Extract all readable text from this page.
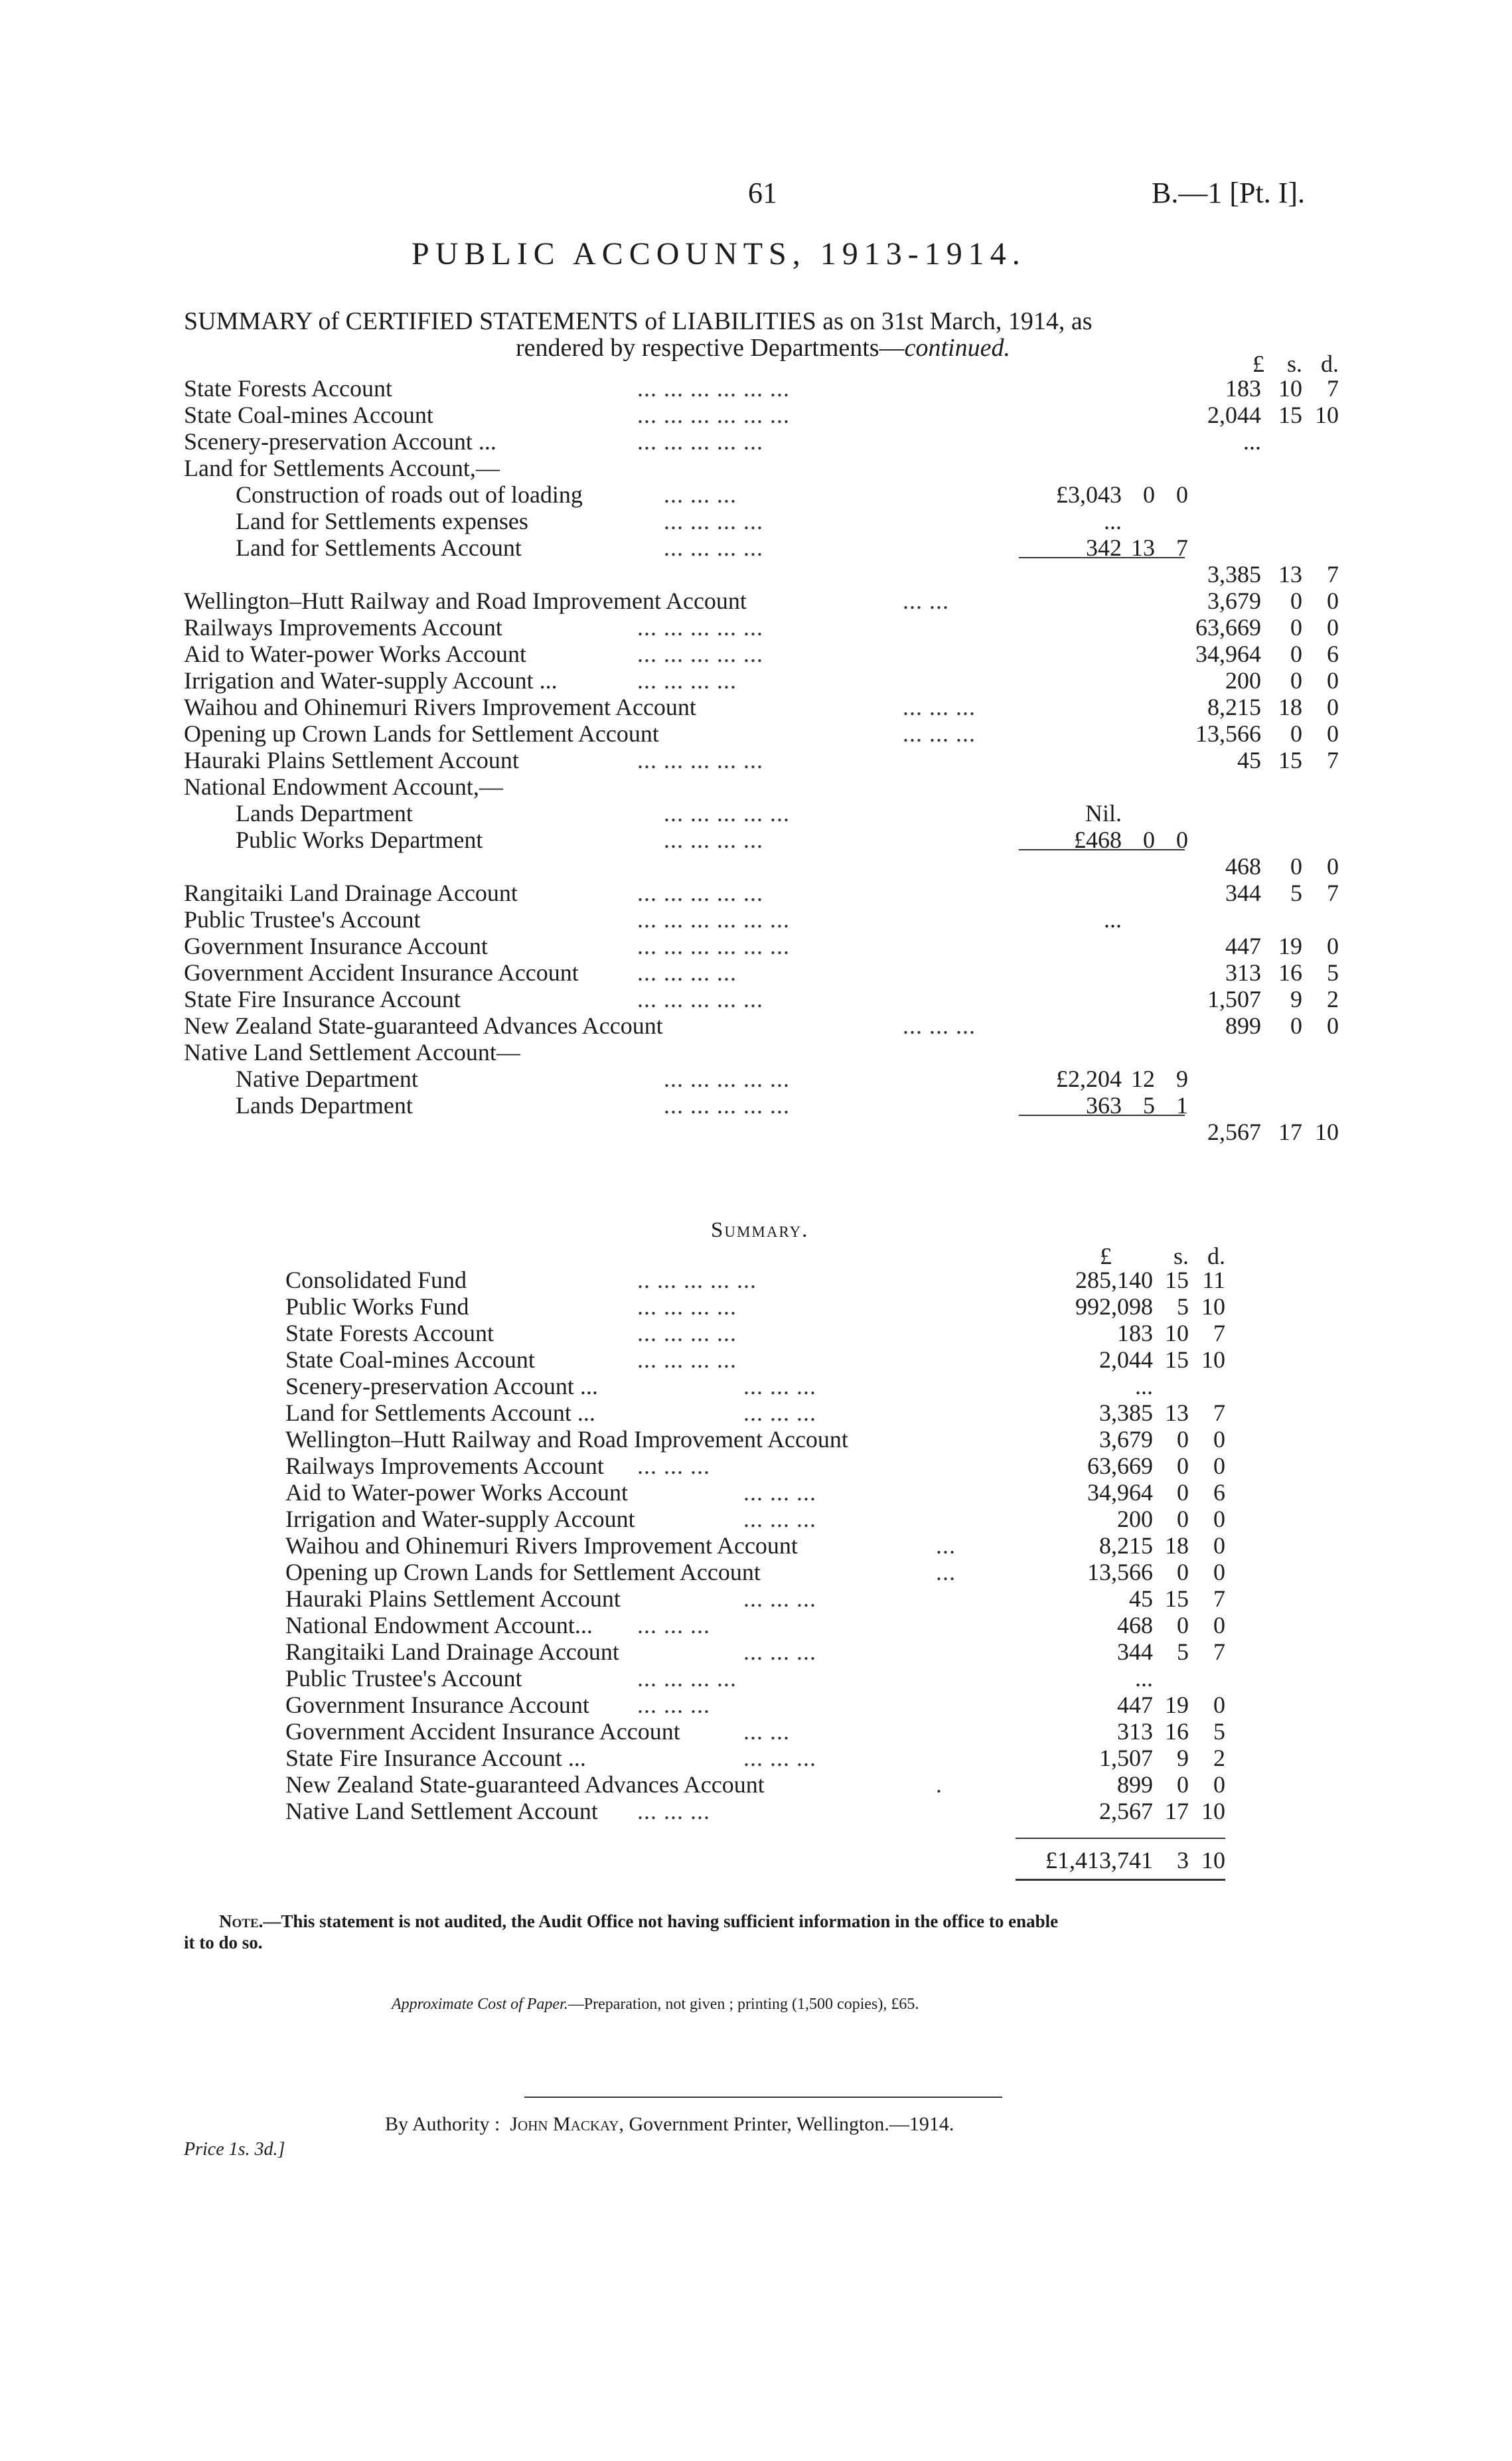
61	B.—1 [Pt. I].
PUBLIC ACCOUNTS, 1913-1914.
SUMMARY of CERTIFIED STATEMENTS of LIABILITIES as on 31st March, 1914, as
rendered by respective Departments—continued.
£ s. d.
State Forests Account	... ... ... ... ... ...	183 10	7
State Coal-mines Account	... ... ... ... ... ...	2,044 15 10
Scenery-preservation Account ...	... ... ... ... ...	...
Land for Settlements Account,—
Construction of roads out of loading	... ... ...	£3,043 0 0
Land for Settlements expenses	... ... ... ...	...
Land for Settlements Account	... ... ... ...	342 13 7
3,385 13	7
Wellington–Hutt Railway and Road Improvement Account	... ...	3,679	0	0
Railways Improvements Account	... ... ... ... ...	63,669	0	0
Aid to Water-power Works Account	... ... ... ... ...	34,964	0	6
Irrigation and Water-supply Account ...	... ... ... ...	200	0	0
Waihou and Ohinemuri Rivers Improvement Account	... ... ...	8,215 18	0
Opening up Crown Lands for Settlement Account	... ... ...	13,566	0	0
Hauraki Plains Settlement Account	... ... ... ... ...	45 15	7
National Endowment Account,—
Lands Department	... ... ... ... ...	Nil.
Public Works Department	... ... ... ...	£468 0 0
468	0	0
Rangitaiki Land Drainage Account	... ... ... ... ...	344	5	7
Public Trustee's Account	... ... ... ... ... ...	...
Government Insurance Account	... ... ... ... ... ...	447 19	0
Government Accident Insurance Account ... ... ... ...	313 16	5
State Fire Insurance Account	... ... ... ... ...	1,507	9	2
New Zealand State-guaranteed Advances Account	... ... ...	899	0	0
Native Land Settlement Account—
Native Department	... ... ... ... ...	£2,204 12 9
Lands Department	... ... ... ... ...	363 5 1
2,567 17 10
Summary.
£	s. d.
Consolidated Fund	.. ... ... ... ...	285,140 15 11
Public Works Fund	... ... ... ...	992,098	5 10
State Forests Account	... ... ... ...	183 10	7
State Coal-mines Account	... ... ... ...	2,044 15 10
Scenery-preservation Account ...	... ... ...	...
Land for Settlements Account ...	... ... ...	3,385 13	7
Wellington–Hutt Railway and Road Improvement Account	3,679	0	0
Railways Improvements Account ... ... ...	63,669	0	0
Aid to Water-power Works Account	... ... ...	34,964	0	6
Irrigation and Water-supply Account	... ... ...	200	0	0
Waihou and Ohinemuri Rivers Improvement Account	...	8,215 18	0
Opening up Crown Lands for Settlement Account	...	13,566	0	0
Hauraki Plains Settlement Account	... ... ...	45 15	7
National Endowment Account... ... ... ...	468	0	0
Rangitaiki Land Drainage Account	... ... ...	344	5	7
Public Trustee's Account	... ... ... ...	...
Government Insurance Account ... ... ...	447 19	0
Government Accident Insurance Account	... ...	313 16	5
State Fire Insurance Account ...	... ... ...	1,507	9	2
New Zealand State-guaranteed Advances Account	.	899	0	0
Native Land Settlement Account ... ... ...	2,567 17 10
£1,413,741	3 10
Note.—This statement is not audited, the Audit Office not having sufficient information in the office to enable
it to do so.
Approximate Cost of Paper.—Preparation, not given ; printing (1,500 copies), £65.
By Authority : John Mackay, Government Printer, Wellington.—1914.
Price 1s. 3d.]
